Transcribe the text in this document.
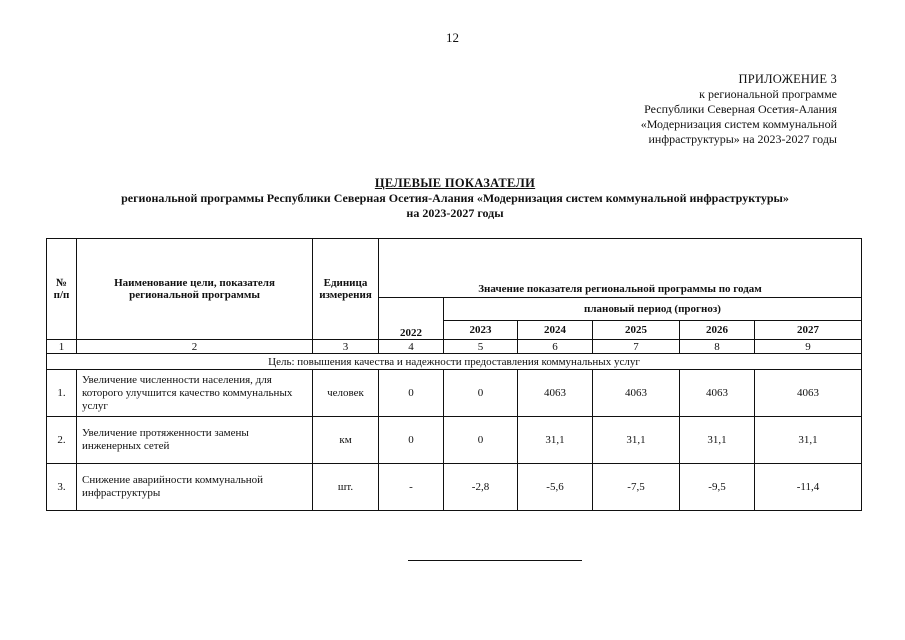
12
ПРИЛОЖЕНИЕ 3
к региональной программе
Республики Северная Осетия-Алания
«Модернизация систем коммунальной
инфраструктуры» на 2023-2027 годы
ЦЕЛЕВЫЕ ПОКАЗАТЕЛИ
региональной программы Республики Северная Осетия-Алания «Модернизация систем коммунальной инфраструктуры»
на 2023-2027 годы
№ п/п	Наименование цели, показателя региональной программы	Единица измерения	Значение показателя региональной программы по годам					
			2022	плановый период (прогноз)				
				2023	2024	2025	2026	2027
1	2	3	4	5	6	7	8	9
Цель: повышения качества и надежности предоставления коммунальных услуг								
1.	Увеличение численности населения, для которого улучшится качество коммунальных услуг	человек	0	0	4063	4063	4063	4063
2.	Увеличение протяженности замены инженерных сетей	км	0	0	31,1	31,1	31,1	31,1
3.	Снижение аварийности коммунальной инфраструктуры	шт.	-	-2,8	-5,6	-7,5	-9,5	-11,4
